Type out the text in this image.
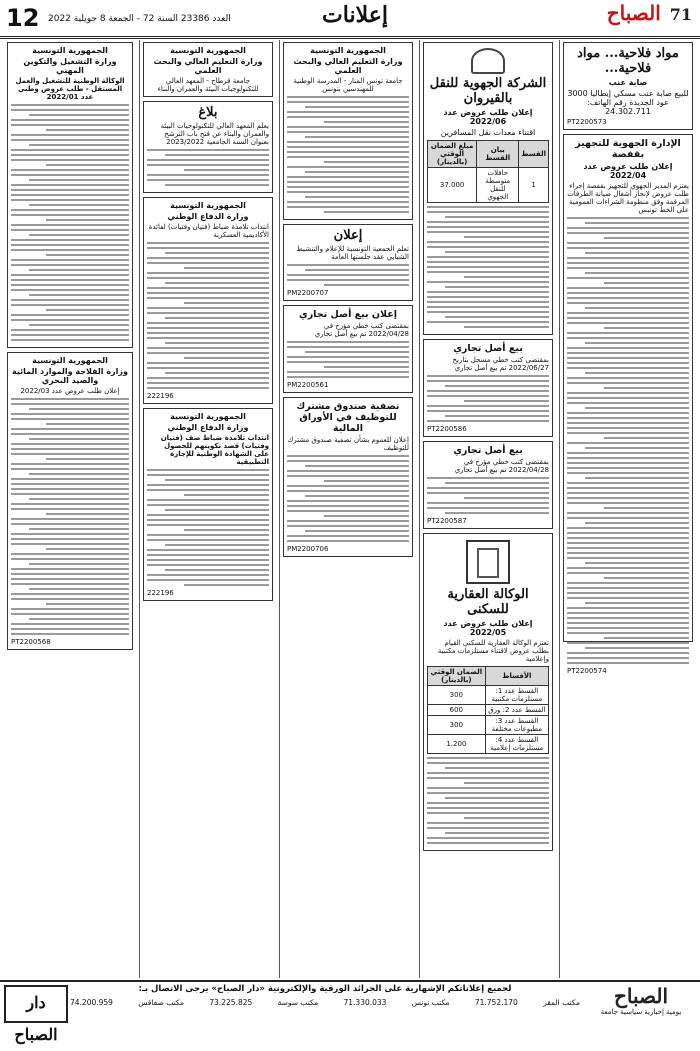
12 العدد 23386 السنة 72 - الجمعة 8 جويلية 2022	إعلانات	71 الصباح
مواد فلاحية... مواد فلاحية...
صابة عنب
للبيع صابة عنب مسكي إيطاليا 3000 عود الجديدة رقم الهاتف: 24.302.711
PT2200573
الإدارة الجهوية للتجهيز بقفصة
إعلان طلب عروض عدد 2022/04
يعتزم المدير الجهوي للتجهيز بقفصة إجراء طلب عروض لإنجاز أشغال صيانة الطرقات المرقمة وفق منظومة الشراءات العمومية على الخط تونبس
PT2200574
الشركة الجهوية للنقل بالقيروان
إعلان طلب عروض عدد 2022/06
اقتناء معدات نقل المسافرين
القسط	بيان القسط	مبلغ الضمان الوقتي (بالدينار)
1	حافلات متوسطة للنقل الجهوي	37.000
بيع أصل تجاري
بمقتضى كتب خطي مسجل بتاريخ 2022/06/27 تم بيع أصل تجاري
PT2200586
بيع أصل تجاري
بمقتضى كتب خطي مؤرخ في 2022/04/28 تم بيع أصل تجاري
PT2200587
الوكالة العقارية للسكنى
إعلان طلب عروض عدد 2022/05
تعتزم الوكالة العقارية للسكنى القيام بطلب عروض لاقتناء مستلزمات مكتبية وإعلامية
الأقساط	الضمان الوقتي (بالدينار)
القسط عدد 1: مستلزمات مكتبية	300
القسط عدد 2: ورق	600
القسط عدد 3: مطبوعات مختلفة	300
القسط عدد 4: مستلزمات إعلامية	1.200
الجمهورية التونسية
وزارة التعليم العالي والبحث العلمي
جامعة تونس المنار - المدرسة الوطنية للمهندسين بتونس
إعلان
تعلم الجمعية التونسية للإعلام والتنشيط الشبابي عقد جلستها العامة
PM2200707
إعلان بيع أصل تجاري
بمقتضى كتب خطي مؤرخ في 2022/04/28 تم بيع أصل تجاري
PM2200561
تصفية صندوق مشترك للتوظيف في الأوراق المالية
إعلان للعموم بشأن تصفية صندوق مشترك للتوظيف
PM2200706
الجمهورية التونسية
وزارة التعليم العالي والبحث العلمي
جامعة قرطاج - المعهد العالي للتكنولوجيات البيئة والعمران والبناء
بلاغ
يعلم المعهد العالي للتكنولوجيات البيئة والعمران والبناء عن فتح باب الترشح بعنوان السنة الجامعية 2023/2022
الجمهورية التونسية
وزارة الدفاع الوطني
انتداب تلامذة ضباط (فتيان وفتيات) لفائدة الأكاديمية العسكرية
222196
الجمهورية التونسية
وزارة الدفاع الوطني
انتداب تلامذة ضباط صف (فتيان وفتيات) قصد تكوينهم للحصول على الشهادة الوطنية للإجازة التطبيقية
222196
الجمهورية التونسية
وزارة التشغيل والتكوين المهني
الوكالة الوطنية للتشغيل والعمل المستقل - طلب عروض وطني عدد 2022/01
الجمهورية التونسية
وزارة الفلاحة والموارد المائية والصيد البحري
إعلان طلب عروض عدد 2022/03
PT2200568
الصباح
يومية إخبارية سياسية جامعة
لجميع إعلاناتكم الإشهارية على الجرائد الورقية والإلكترونية «دار الصباح» يرجى الاتصال بـ:
74.200.959	مكتب صفاقس	73.225.825	مكتب سوسة	71.330.033	مكتب تونس	71.752.170	مكتب المقر
دار الصباح
